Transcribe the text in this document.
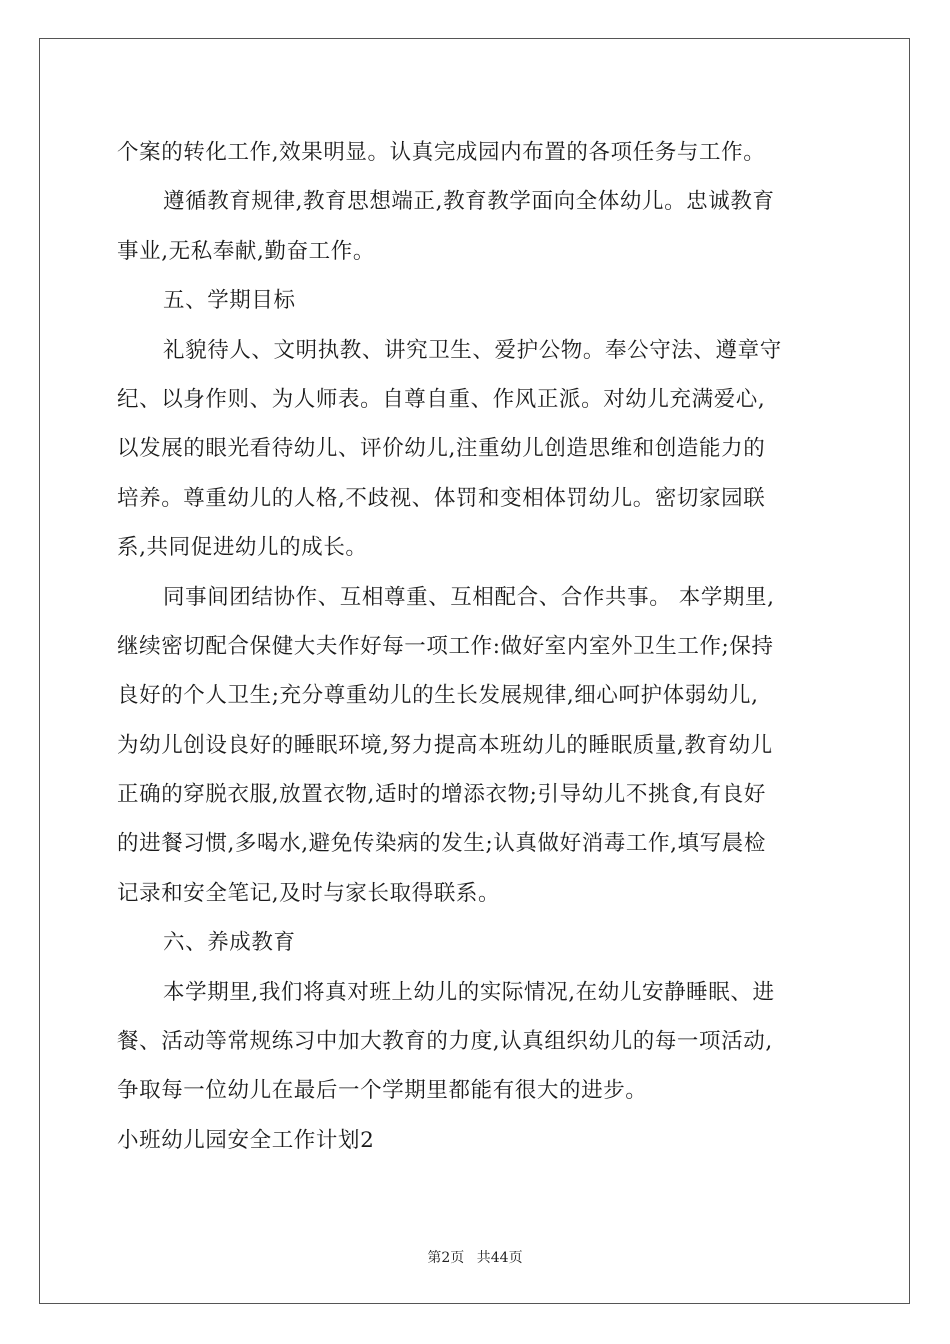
个案的转化工作,效果明显。认真完成园内布置的各项任务与工作。
遵循教育规律,教育思想端正,教育教学面向全体幼儿。忠诚教育
事业,无私奉献,勤奋工作。
五、学期目标
礼貌待人、文明执教、讲究卫生、爱护公物。奉公守法、遵章守
纪、以身作则、为人师表。自尊自重、作风正派。对幼儿充满爱心,
以发展的眼光看待幼儿、评价幼儿,注重幼儿创造思维和创造能力的
培养。尊重幼儿的人格,不歧视、体罚和变相体罚幼儿。密切家园联
系,共同促进幼儿的成长。
同事间团结协作、互相尊重、互相配合、合作共事。 本学期里,
继续密切配合保健大夫作好每一项工作:做好室内室外卫生工作;保持
良好的个人卫生;充分尊重幼儿的生长发展规律,细心呵护体弱幼儿,
为幼儿创设良好的睡眠环境,努力提高本班幼儿的睡眠质量,教育幼儿
正确的穿脱衣服,放置衣物,适时的增添衣物;引导幼儿不挑食,有良好
的进餐习惯,多喝水,避免传染病的发生;认真做好消毒工作,填写晨检
记录和安全笔记,及时与家长取得联系。
六、养成教育
本学期里,我们将真对班上幼儿的实际情况,在幼儿安静睡眠、进
餐、活动等常规练习中加大教育的力度,认真组织幼儿的每一项活动,
争取每一位幼儿在最后一个学期里都能有很大的进步。
小班幼儿园安全工作计划2
第2页 共44页
